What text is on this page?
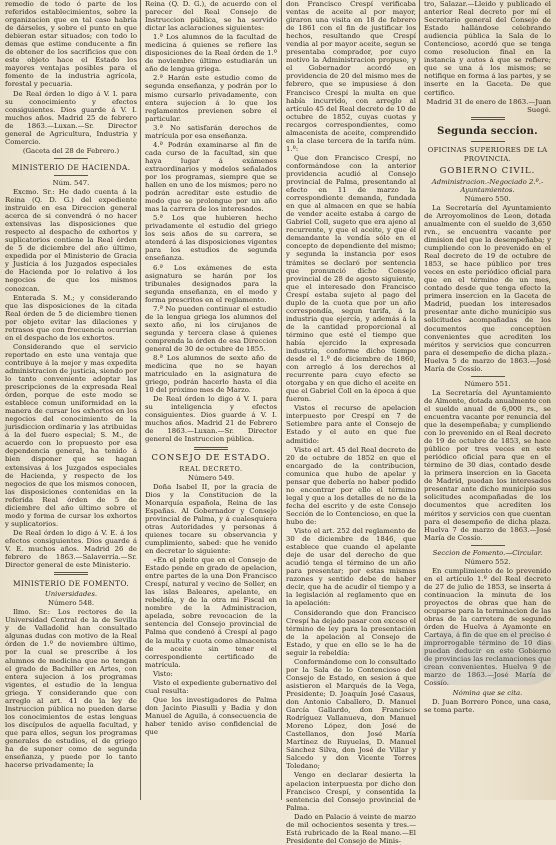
remedio de todo ó parte de los referidos establecimientos, sobre la organizacion que en tal caso habría de dárseles, y sobre el punto en que debieran estar situados; con todo lo demas que estime conducente a fin de obtener de los sacrificios que con este objeto hace el Estado los mayores ventajas posibles para el fomento de la industria agrícola, forestal y pecuaria.

De Real órden lo digo á V. I. para su conocimiento y efectos consiguientes. Dios guarde á V. I. muchos años. Madrid 25 de febrero de 1863.—Luxan.—Sr. Director general de Agricultura, Industria y Comercio.

(Gaceta del 28 de Febrero.)

MINISTERIO DE HACIENDA.

Núm. 547.

Excmo. Sr.: He dado cuenta á la Reina (Q. D. G.) del expediente instruido en esa Direccion general acerca de si convendrá ó no hacer extensivas las disposiciones que respecto al despacho de exhortos y suplicatorios contiene la Real órden de 5 de diciembre del año último, expedida por el Ministerio de Gracia y Justicia á los Juzgados especiales de Hacienda por lo relativo á los negocios de que los mismos conozcan.

Enterada S. M.; y considerando que las disposiciones de la citada Real órden de 5 de diciembre tienen por objeto evitar las dilaciones y retrasos que con frecuencia ocurrian en el despacho de los exhortos.

Considerando que el servicio reportado en este una ventaja que contribuye á la mejor y mas expedita administracion de justicia, siendo por lo tanto conveniente adoptar las prescripciones de la expresada Real órden, porque de este modo se establece comun uniformidad en la manera de cursar los exhortos en los negocios del conocimiento de la jurisdiccion ordinaria y las atribuidas á la del fuero especial; S. M., de acuerdo con lo propuesto por esa dependencia general, ha tenido á bien disponer que se hagan extensivas á los Juzgados especiales de Hacienda, y respecto de los negocios de que los mismos conocen, las disposiciones contenidas en la referida Real órden de 5 de diciembre del año último sobre el modo y forma de cursar los exhortos y suplicatorios.

De Real órden lo digo á V. E. á los efectos consiguientes. Dios guarde á V. E. muchos años. Madrid 26 de febrero de 1863.—Salaverría.—Sr. Director general de este Ministerio.

MINISTERIO DE FOMENTO.

Universidades.

Número 548.

Ilmo. Sr.: Los rectores de la Universidad Central de la de Sevilla y de Valladolid han consultado algunas dudas con motivo de la Real órden de 1.º de noviembre último, por la cual se prescribe á los alumnos de medicina que no tengan el grado de Bachiller en Artes, con entera sujecion á los programas vigentes, el estudio de la lengua griega. Y considerando que con arreglo al art. 41 de la ley de Instruccion pública no pueden darse los conocimientos de estas lenguas los discípulos de aquella facultad, y que para ellos, segun los programas generales de estudios, el de griego ha de suponer como de segunda enseñanza, y puede por lo tanto hacerse privadamente; la

Reina (Q. D. G.), de acuerdo con el parecer del Real Consejo de Instruccion pública, se ha servido dictar las aclaraciones siguientes:

1.ª Los alumnos de la facultad de medicina á quienes se refiere las disposiciones de la Real órden de 1.º de noviembre último estudiarán un año de lengua griega.

2.ª Harán este estudio como de segunda enseñanza, y podrán por lo mismo cursarlo privadamente, con entera sujecion á lo que los reglamentos previenen sobre el particular.

3.ª No satisfarán derechos de matrícula por esa enseñanza.

4.ª Podrán examinarse al fin de cada curso de la facultad, sin que haya lugar á exámenes extraordinarios y modelos señalados por los programas, siempre que se hallen en uno de los mismos; pero no podrán acreditar este estudio de modo que se prolongue por un año mas la carrera de los interesados.

5.ª Los que hubieren hecho privadamente el estudio del griego los seis años de su carrera, se atenderá á las disposiciones vigentes para los estudios de segunda enseñanza.

6.ª Los exámenes de esta asignatura se harán por los tribunales designados para la segunda enseñanza, en el modo y forma prescritos en el reglamento.

7.ª No pueden continuar el estudio de la lengua griega los alumnos del sexto año, ni los cirujanos de segunda y tercera clase á quienes comprenda la órden de esa Direccion general de 30 de octubre de 1855.

8.ª Los alumnos de sexto año de medicina que no se hayan matriculado en la asignatura de griego, podrán hacerlo hasta el dia 10 del próximo mes de Marzo.

De Real órden lo digo á V. I. para su inteligencia y efectos consiguientes. Dios guarde á V. I. muchos años. Madrid 21 de Febrero de 1863.—Luxan.—Sr. Director general de Instruccion pública.

CONSEJO DE ESTADO.

REAL DECRETO.

Número 549.

Doña Isabel II, por la gracia de Dios y la Constitucion de la Monarquía española, Reina de las Españas. Al Gobernador y Consejo provincial de Palma, y á cualesquiera otras Autoridades y personas á quienes tocare su observancia y cumplimiento, sabed: que he venido en decretar lo siguiente:

«En el pleito que en el Consejo de Estado pende en grado de apelacion, entre partes de la una Don Francisco Crespí, natural y vecino de Soller, en las islas Baleares, apelante, en rebeldía, y de la otra mi Fiscal en nombre de la Administracion, apelada, sobre revocacion de la sentencia del Consejo provincial de Palma que condenó á Crespí al pago de la multa y cuota como almacenista de aceite sin tener el correspondiente certificado de matrícula.

Visto:

Visto el expediente gubernativo del cual resulta:

Que los investigadores de Palma don Jacinto Piasulli y Badia y don Manuel de Aguila, á consecuencia de haber tenido aviso confidencial de que

don Francisco Crespí verificaba ventas de aceite al por mayor, giraron una visita en 18 de febrero de 1861 con el fin de justificar los hechos, resultando que Crespí vendia al por mayor aceite, segun se presentaba comprador, por cuyo motivo la Administracion propuso, y el Gobernador acordó en providencia de 20 del mismo mes de febrero, que se impusiese á don Francisco Crespí la multa en que había incurrido, con arreglo al artículo 45 del Real decreto de 10 de octubre de 1852, cuyas cuotas y recargos correspondientes, como almacenista de aceite, comprendido en la clase tercera de la tarifa núm. 1.º:

Que don Francisco Crespí, no conformándose con la anterior providencia acudió al Consejo provincial de Palma, presentando al efecto en 11 de marzo la correspondiente demanda, fundada en que al almacen en que se había de vender aceite estaba á cargo de Gabriel Coll, sugeto que era ajeno al recurrente, y que el aceite, y que él demandante la vendía sólo en el concepto de dependiente del mismo; y segunda la instancia por esos trámites se declaró por sentencia que pronunció dicho Consejo provincial de 28 de agosto siguiente, que el interesado don Francisco Crespí estaba sujeto al pago del duplo de la cuota que por un año correspondía, segun tarifa, á la industria que ejercía, y además á la de la cantidad proporcional al término que esté el tiempo que había ejercido la expresada industria, conforme dicho tiempo desde el 1.º de diciembre de 1860, con arreglo á los derechos al recurrente para cuyo efecto se otorgaba y en que dicho el aceite en que el Gabriel Coll en la época á que fueron.

Vistos el recurso de apelacion interpuesto por Crespí en 7 de Setiembre para ante el Consejo de Estado y el auto en que fue admitido:

Visto el art. 45 del Real decreto de 20 de octubre de 1852 en que el encargado de la contribucion, comunica que hubo de apelar y pensar que debería no haber podido no encontrar por ello el término legal y que a los detalles de no de la fecha del escrito y de este Consejo Sección de lo Contencioso, en que la hubo de:

Visto el art. 252 del reglamento de 30 de diciembre de 1846, que establece que cuando el apelante deje de usar del derecho de que acudió tenga el término de un año para presentar; por estas mismas razones y sentido debe de haber decir, que ha de acudir el tiempo y a la legislación al reglamento que en la apelación:

Considerando que don Francisco Crespí ha dejado pasar con exceso el término de ley para la presentación de la apelación al Consejo de Estado, y que en ello se le ha de seguir la rebeldía:

Conformándome con lo consultado por la Sala de lo Contencioso del Consejo de Estado, en sesion á que asistieron el Marqués de la Vega, Presidente; D. Joaquín José Casaus, don Antonio Caballero, D. Manuel García Gallardo, don Francisco Rodríguez Vallanueva, don Manuel Moreno López, don José de Castellanos, don José María Martínez de Ruyuelas, D. Manuel Sánchez Silva, don José de Villar y Salcedo y don Vicente Torres Toledano;

Vengo en declarar desierta la apelacion interpuesta por dicho don Francisco Crespí, y consentida la sentencia del Consejo provincial de Palma.

Dado en Palacio á veinte de marzo de mil ochocientos sesenta y tres.—Está rubricado de la Real mano.—El Presidente del Consejo de Minis-

tro, Salazar.—Lleido y publicado el anterior Real decreto por mí el Secretario general del Consejo de Estado hallándose celebrando audiencia pública la Sala de lo Contencioso, acordó que se tenga como resolucion final en la instancia y autos á que se refiere; que se una á los mismos; se notifique en forma á las partes, y se inserte en la Gaceta. De que certifico.

Madrid 31 de enero de 1863.—Juan Suegé.

Segunda seccion.
OFICINAS SUPERIORES DE LA PROVINCIA.
GOBIERNO CIVIL.

Administracion.-Negociado 2.º.-Ayuntamientos.

Número 550.

La Secretaría del Ayuntamiento de Arroyomolinos de Leon, dotada anualmente con el sueldo de 3,650 rvn., se encuentra vacante por dimision del que la desempeñaba; y cumpliendo con lo prevenido en el Real decreto de 19 de octubre de 1853, se hace público por tres veces en este periódico oficial para que en el término de un mes, contado desde que tenga efecto la primera insercion en la Gaceta de Madrid, puedan los interesados presentar ante dicho municipio sus solicitudes acompañadas de los documentos que conceptúen convenientes que acrediten los méritos y servicios que concurren para el desempeño de dicha plaza.-Huelva 5 de marzo de 1863.—José María de Cossío.

Número 551.

La Secretaría del Ayuntamiento de Almonte, dotada anualmente con el sueldo anual de 6,000 rs., se encuentra vacante por renuncia del que la desempeñaba; y cumpliendo con lo prevenido en el Real decreto de 19 de octubre de 1853, se hace público por tres veces en este periódico oficial para que en el término de 30 dias, contado desde la primera insercion en la Gaceta de Madrid, puedan los interesados presentar ante dicho municipio sus solicitudes acompañadas de los documentos que acrediten los méritos y servicios con que cuentan para el desempeño de dicha plaza. Huelva 7 de marzo de 1863.—José María de Cossío.

Seccion de Fomento.—Circular.

Número 552.

En cumplimiento de lo prevenido en el artículo 1.º del Real decreto de 27 de julio de 1853, se inserta á continuacion la minuta de los proyectos de obras que han de ocuparse para la terminacion de las obras de la carretera de segundo órden de Huelva á Ayamonte en Cartaya, á fin de que en el preciso é improrrogable término de 10 dias puedan deducir en este Gobierno de provincias las reclamaciones que crean convenientes. Huelva 9 de marzo de 1863.—José María de Cossío.

Nómina que se cita.

D. Juan Borrero Ponce, una casa, se toma parte.
